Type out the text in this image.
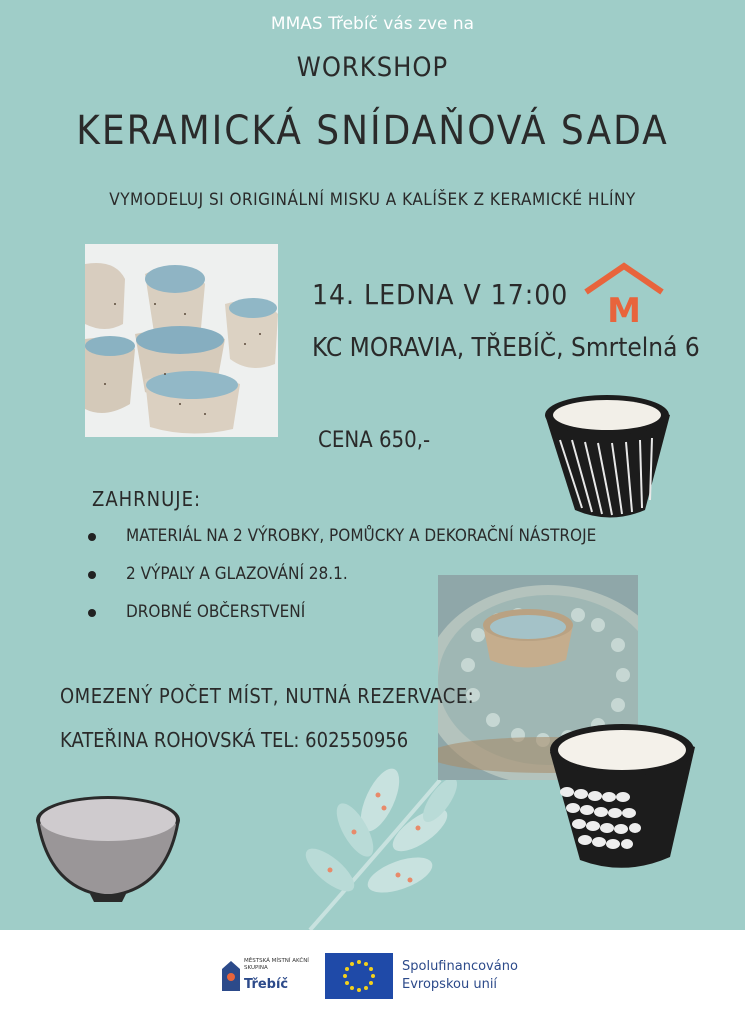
MMAS Třebíč vás zve na
WORKSHOP
KERAMICKÁ SNÍDAŇOVÁ SADA
VYMODELUJ SI ORIGINÁLNÍ MISKU A KALÍŠEK Z KERAMICKÉ HLÍNY
14. LEDNA V 17:00 M
KC MORAVIA, TŘEBÍČ, Smrtelná 6
CENA 650,-
ZAHRNUJE:
MATERIÁL NA 2 VÝROBKY, POMŮCKY A DEKORAČNÍ NÁSTROJE
2 VÝPALY A GLAZOVÁNÍ 28.1.
DROBNÉ OBČERSTVENÍ
OMEZENÝ POČET MÍST, NUTNÁ REZERVACE:
KATEŘINA ROHOVSKÁ TEL: 602550956
MĚSTSKÁ MÍSTNÍ AKČNÍ SKUPINA
Třebíč
Spolufinancováno
Evropskou unií
